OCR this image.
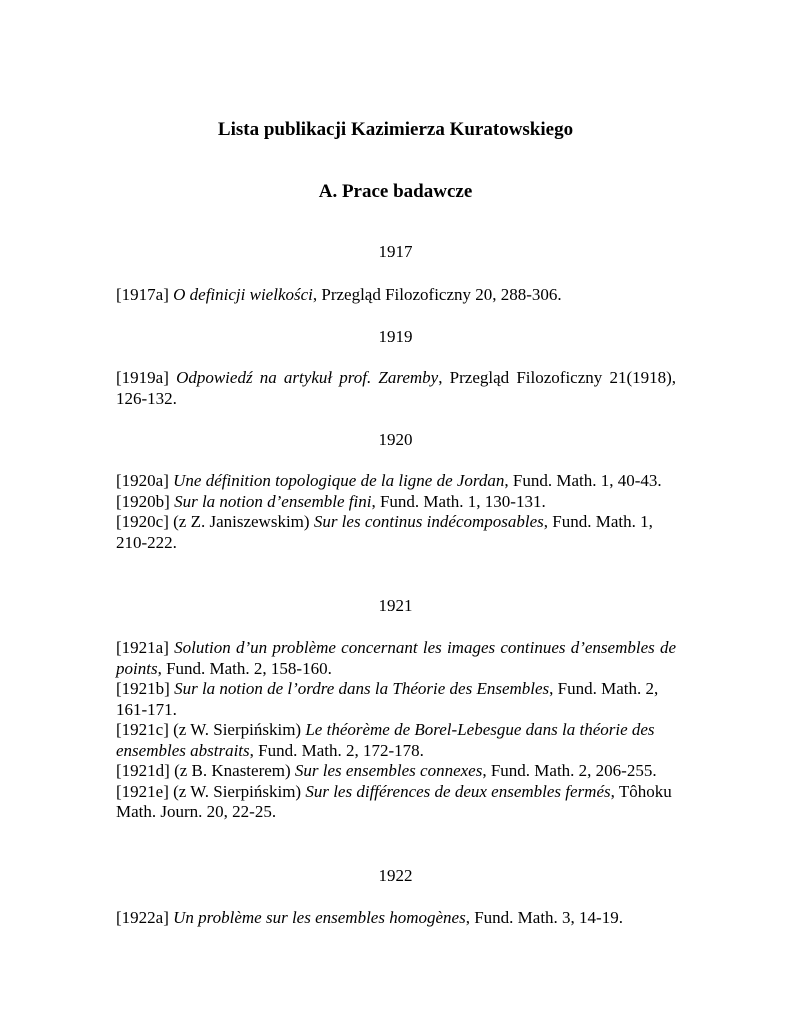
Lista publikacji Kazimierza Kuratowskiego
A. Prace badawcze
1917
[1917a] O definicji wielkości, Przegląd Filozoficzny 20, 288-306.
1919
[1919a] Odpowiedź na artykuł prof. Zaremby, Przegląd Filozoficzny 21(1918), 126-132.
1920
[1920a] Une définition topologique de la ligne de Jordan, Fund. Math. 1, 40-43.
[1920b] Sur la notion d’ensemble fini, Fund. Math. 1, 130-131.
[1920c] (z Z. Janiszewskim) Sur les continus indécomposables, Fund. Math. 1, 210-222.
1921
[1921a] Solution d’un problème concernant les images continues d’ensembles de points, Fund. Math. 2, 158-160.
[1921b] Sur la notion de l’ordre dans la Théorie des Ensembles, Fund. Math. 2, 161-171.
[1921c] (z W. Sierpińskim) Le théorème de Borel-Lebesgue dans la théorie des ensembles abstraits, Fund. Math. 2, 172-178.
[1921d] (z B. Knasterem) Sur les ensembles connexes, Fund. Math. 2, 206-255.
[1921e] (z W. Sierpińskim) Sur les différences de deux ensembles fermés, Tôhoku Math. Journ. 20, 22-25.
1922
[1922a] Un problème sur les ensembles homogènes, Fund. Math. 3, 14-19.
